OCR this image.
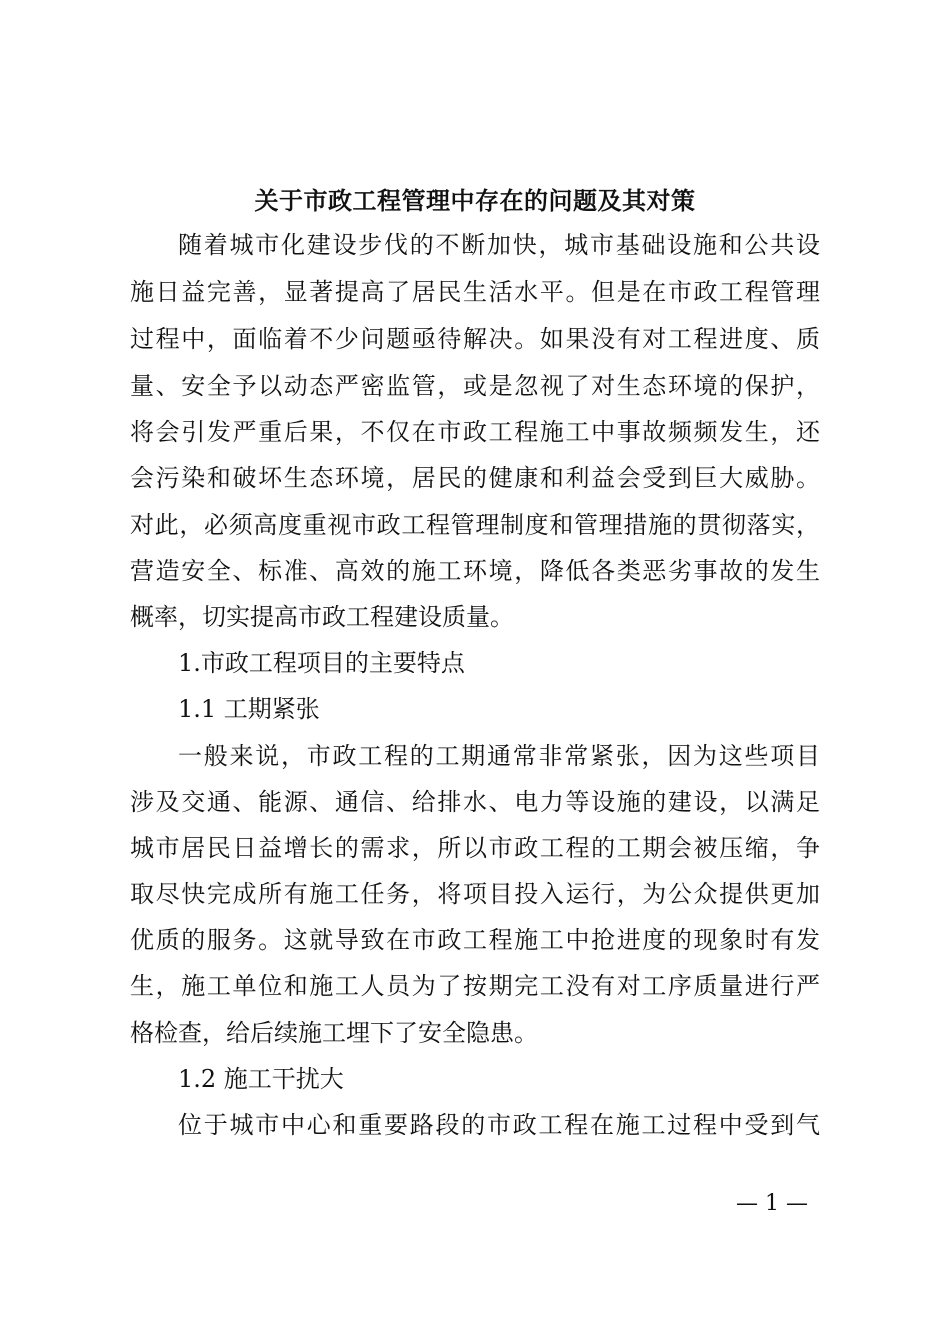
关于市政工程管理中存在的问题及其对策
随着城市化建设步伐的不断加快，城市基础设施和公共设
施日益完善，显著提高了居民生活水平。但是在市政工程管理
过程中，面临着不少问题亟待解决。如果没有对工程进度、质
量、安全予以动态严密监管，或是忽视了对生态环境的保护，
将会引发严重后果，不仅在市政工程施工中事故频频发生，还
会污染和破坏生态环境，居民的健康和利益会受到巨大威胁。
对此，必须高度重视市政工程管理制度和管理措施的贯彻落实，
营造安全、标准、高效的施工环境，降低各类恶劣事故的发生
概率，切实提高市政工程建设质量。
1.市政工程项目的主要特点
1.1 工期紧张
一般来说，市政工程的工期通常非常紧张，因为这些项目
涉及交通、能源、通信、给排水、电力等设施的建设，以满足
城市居民日益增长的需求，所以市政工程的工期会被压缩，争
取尽快完成所有施工任务，将项目投入运行，为公众提供更加
优质的服务。这就导致在市政工程施工中抢进度的现象时有发
生，施工单位和施工人员为了按期完工没有对工序质量进行严
格检查，给后续施工埋下了安全隐患。
1.2 施工干扰大
位于城市中心和重要路段的市政工程在施工过程中受到气
— 1 —
